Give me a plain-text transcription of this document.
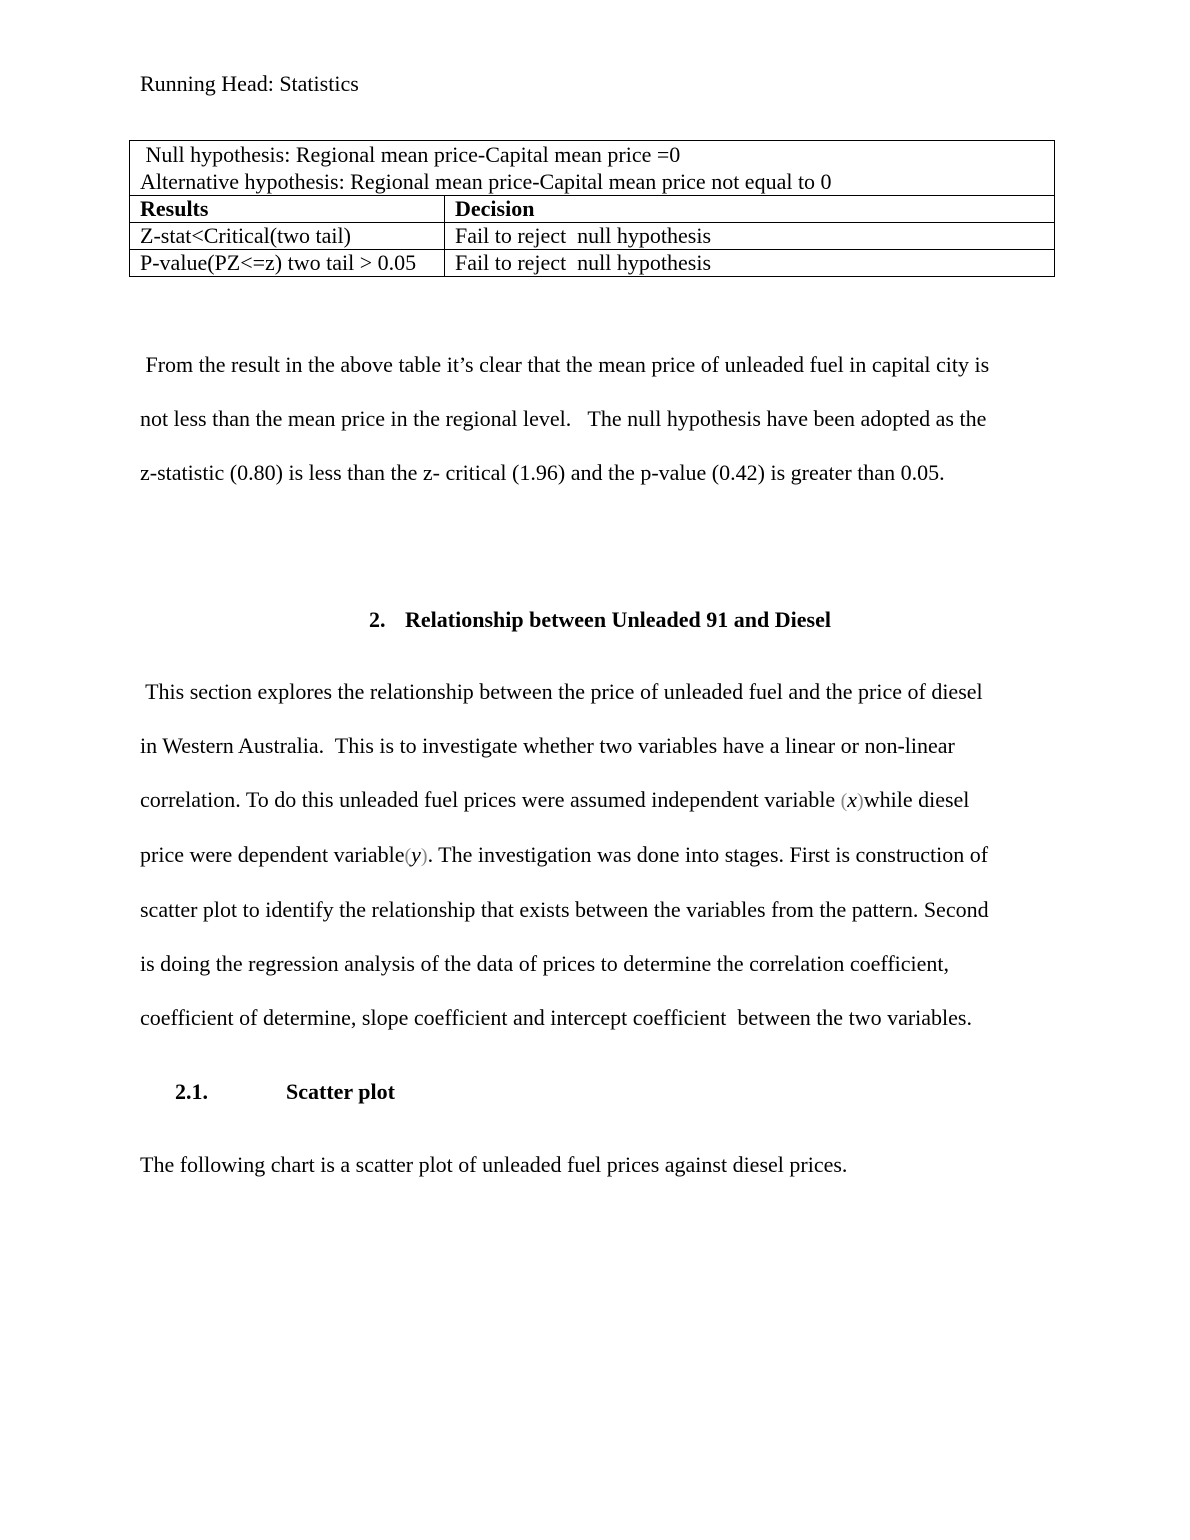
Running Head: Statistics
Null hypothesis: Regional mean price-Capital mean price =0
Alternative hypothesis: Regional mean price-Capital mean price not equal to 0	

Results	Decision
Z-stat<Critical(two tail)	Fail to reject  null hypothesis
P-value(PZ<=z) two tail > 0.05	Fail to reject  null hypothesis
From the result in the above table it’s clear that the mean price of unleaded fuel in capital city is
not less than the mean price in the regional level.   The null hypothesis have been adopted as the
z-statistic (0.80) is less than the z- critical (1.96) and the p-value (0.42) is greater than 0.05.
2. Relationship between Unleaded 91 and Diesel
This section explores the relationship between the price of unleaded fuel and the price of diesel
in Western Australia.  This is to investigate whether two variables have a linear or non-linear
correlation. To do this unleaded fuel prices were assumed independent variable (x)while diesel
price were dependent variable(y). The investigation was done into stages. First is construction of
scatter plot to identify the relationship that exists between the variables from the pattern. Second
is doing the regression analysis of the data of prices to determine the correlation coefficient,
coefficient of determine, slope coefficient and intercept coefficient  between the two variables.
2.1.	Scatter plot
The following chart is a scatter plot of unleaded fuel prices against diesel prices.
